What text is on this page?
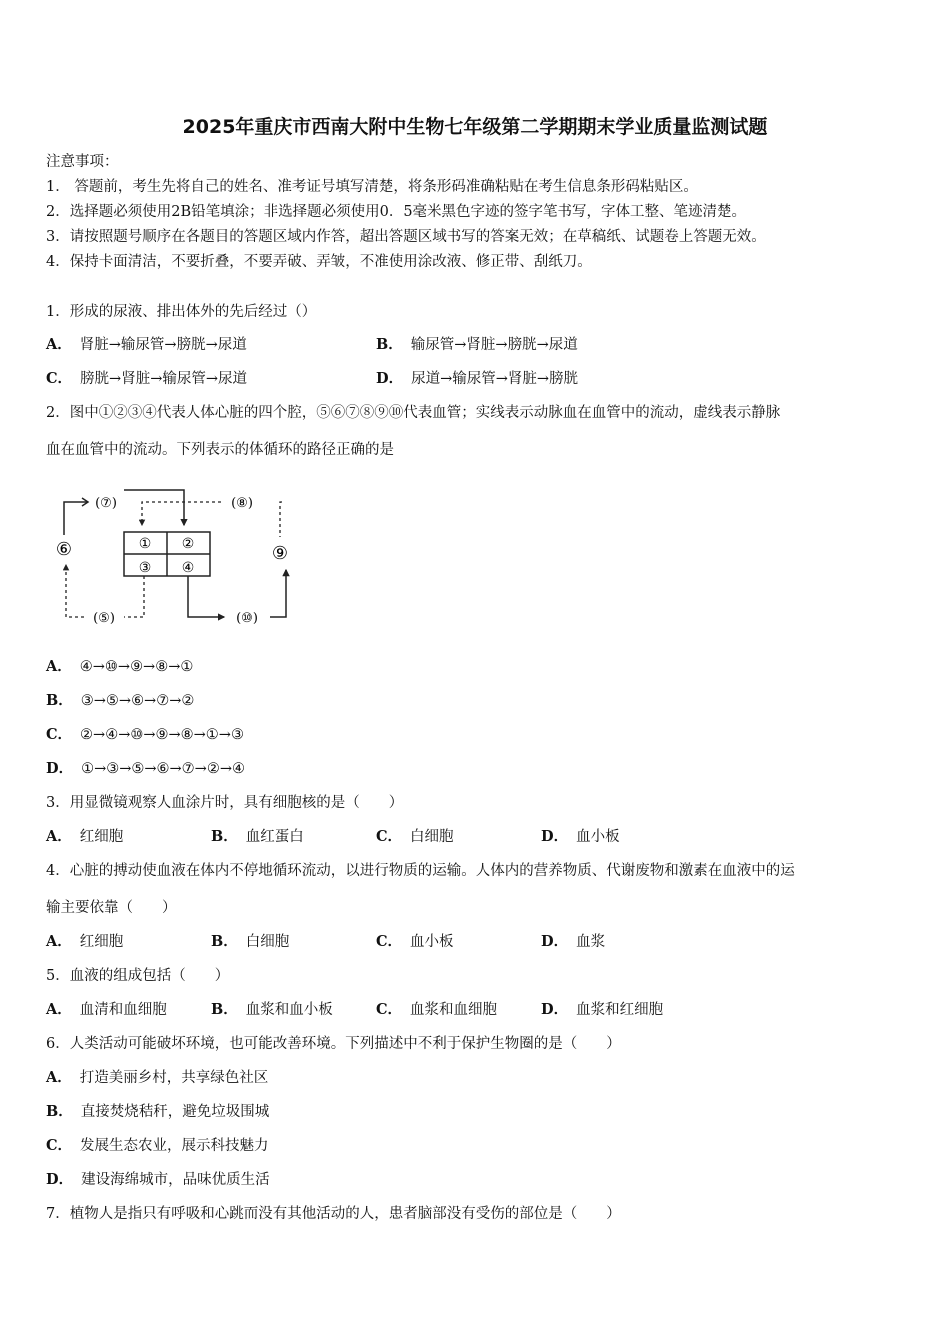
2025年重庆市西南大附中生物七年级第二学期期末学业质量监测试题
注意事项：
1． 答题前，考生先将自己的姓名、准考证号填写清楚，将条形码准确粘贴在考生信息条形码粘贴区。
2．选择题必须使用2B铅笔填涂；非选择题必须使用0．5毫米黑色字迹的签字笔书写，字体工整、笔迹清楚。
3．请按照题号顺序在各题目的答题区域内作答，超出答题区域书写的答案无效；在草稿纸、试题卷上答题无效。
4．保持卡面清洁，不要折叠，不要弄破、弄皱，不准使用涂改液、修正带、刮纸刀。
1．形成的尿液、排出体外的先后经过（）
A． 肾脏→输尿管→膀胱→尿道	B． 输尿管→肾脏→膀胱→尿道
C． 膀胱→肾脏→输尿管→尿道	D． 尿道→输尿管→肾脏→膀胱
2．图中①②③④代表人体心脏的四个腔，⑤⑥⑦⑧⑨⑩代表血管；实线表示动脉血在血管中的流动，虚线表示静脉
血在血管中的流动。下列表示的体循环的路径正确的是
① ②
③ ④
(⑦)
⑥
(⑤)
(⑧)
⑨
(⑩)
A． ④→⑩→⑨→⑧→①
B． ③→⑤→⑥→⑦→②
C． ②→④→⑩→⑨→⑧→①→③
D． ①→③→⑤→⑥→⑦→②→④
3．用显微镜观察人血涂片时，具有细胞核的是（　　）
A． 红细胞	B． 血红蛋白	C． 白细胞	D． 血小板
4．心脏的搏动使血液在体内不停地循环流动，以进行物质的运输。人体内的营养物质、代谢废物和激素在血液中的运
输主要依靠（　　）
A． 红细胞	B． 白细胞	C． 血小板	D． 血浆
5．血液的组成包括（　　）
A． 血清和血细胞	B． 血浆和血小板	C． 血浆和血细胞	D． 血浆和红细胞
6．人类活动可能破坏环境，也可能改善环境。下列描述中不利于保护生物圈的是（　　）
A． 打造美丽乡村，共享绿色社区
B． 直接焚烧秸秆，避免垃圾围城
C． 发展生态农业，展示科技魅力
D． 建设海绵城市，品味优质生活
7．植物人是指只有呼吸和心跳而没有其他活动的人，患者脑部没有受伤的部位是（　　）
